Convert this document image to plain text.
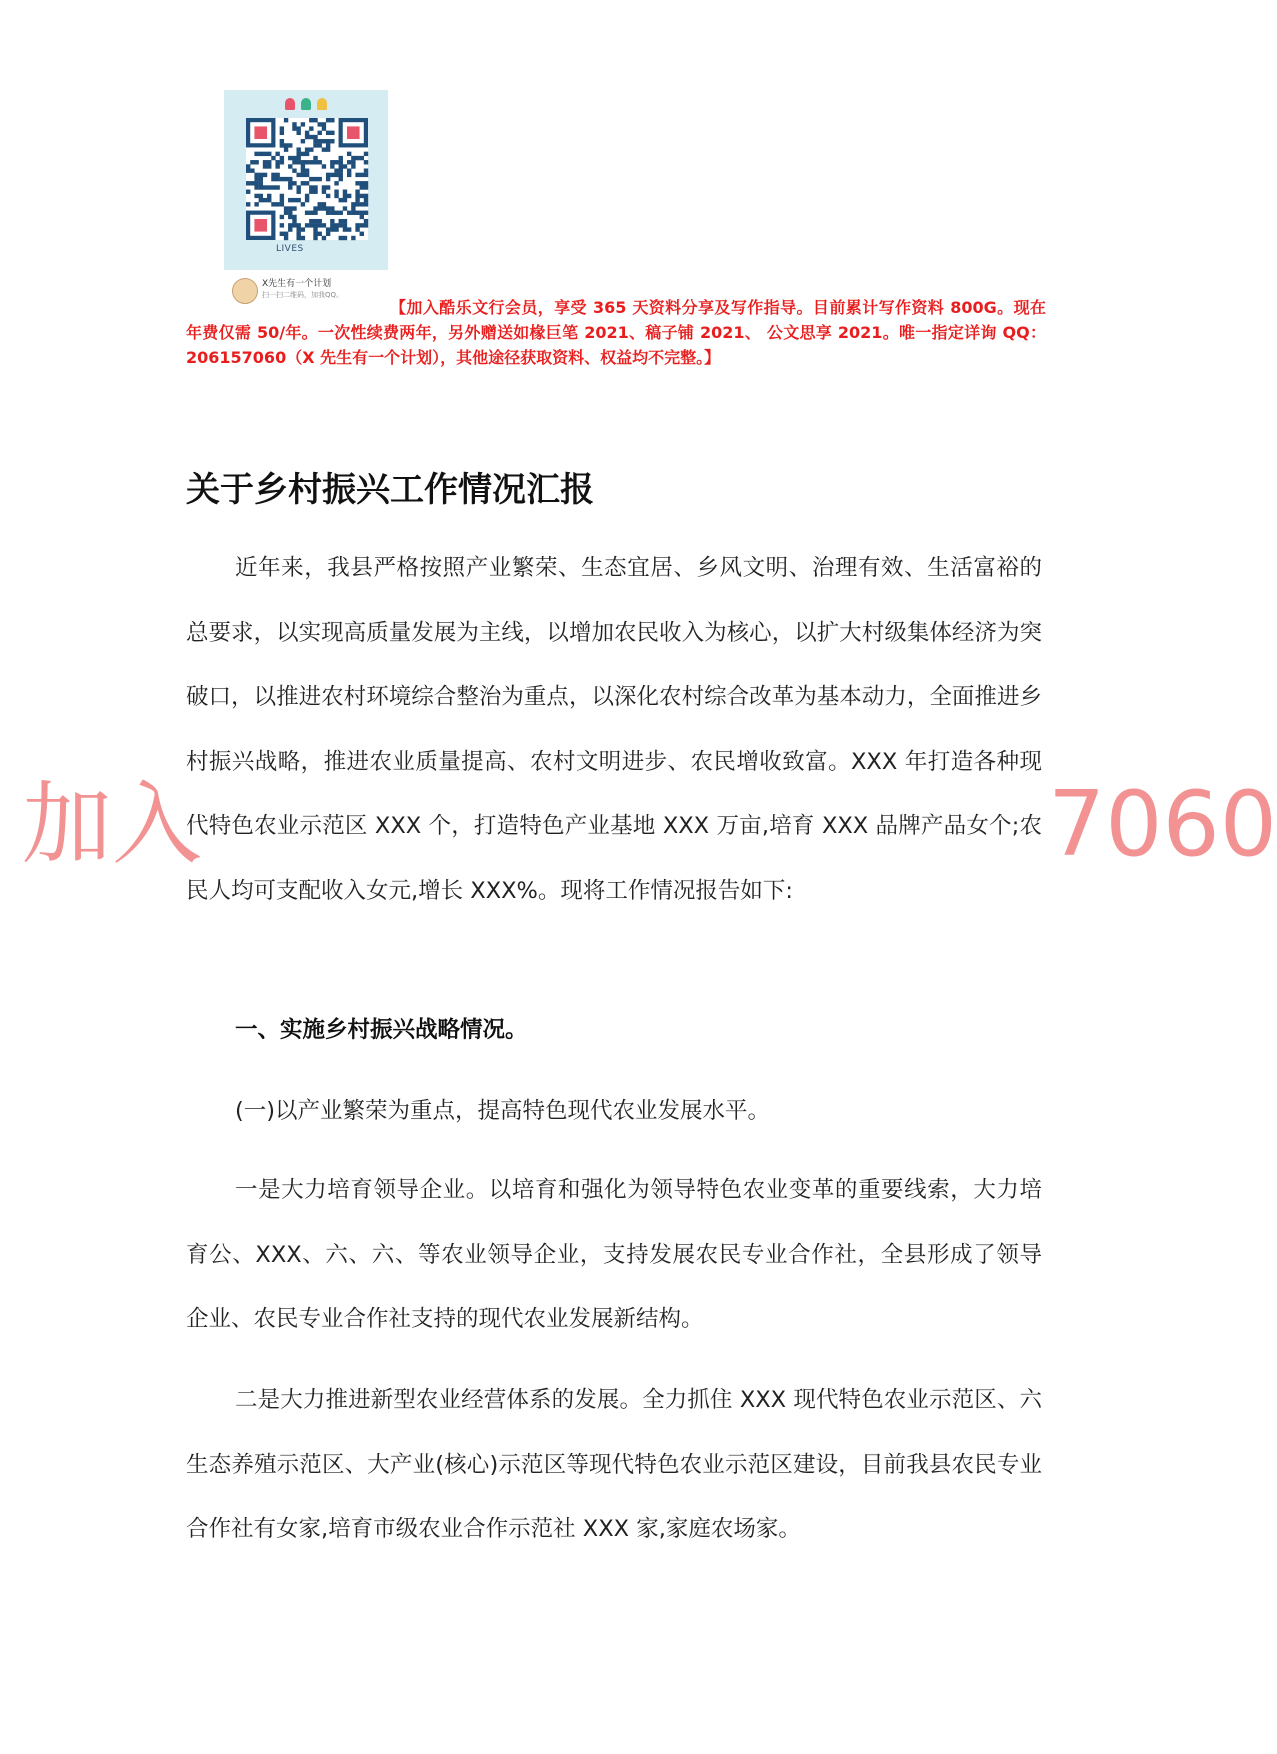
LIVES
X先生有一个计划
扫一扫二维码，加我QQ。
【加入酷乐文行会员，享受 365 天资料分享及写作指导。目前累计写作资料 800G。现在年费仅需 50/年。一次性续费两年，另外赠送如椽巨笔 2021、稿子铺 2021、 公文思享 2021。唯一指定详询 QQ：206157060（X 先生有一个计划），其他途径获取资料、权益均不完整。】
关于乡村振兴工作情况汇报

近年来，我县严格按照产业繁荣、生态宜居、乡风文明、治理有效、生活富裕的总要求，以实现高质量发展为主线，以增加农民收入为核心，以扩大村级集体经济为突破口，以推进农村环境综合整治为重点，以深化农村综合改革为基本动力，全面推进乡村振兴战略，推进农业质量提高、农村文明进步、农民增收致富。XXX 年打造各种现代特色农业示范区 XXX 个，打造特色产业基地 XXX 万亩,培育 XXX 品牌产品女个;农民人均可支配收入女元,增长 XXX%。现将工作情况报告如下:

一、实施乡村振兴战略情况。

(一)以产业繁荣为重点，提高特色现代农业发展水平。

一是大力培育领导企业。以培育和强化为领导特色农业变革的重要线索，大力培育公、XXX、六、六、等农业领导企业，支持发展农民专业合作社，全县形成了领导企业、农民专业合作社支持的现代农业发展新结构。

二是大力推进新型农业经营体系的发展。全力抓住 XXX 现代特色农业示范区、六生态养殖示范区、大产业(核心)示范区等现代特色农业示范区建设，目前我县农民专业合作社有女家,培育市级农业合作示范社 XXX 家,家庭农场家。

加入	7060
